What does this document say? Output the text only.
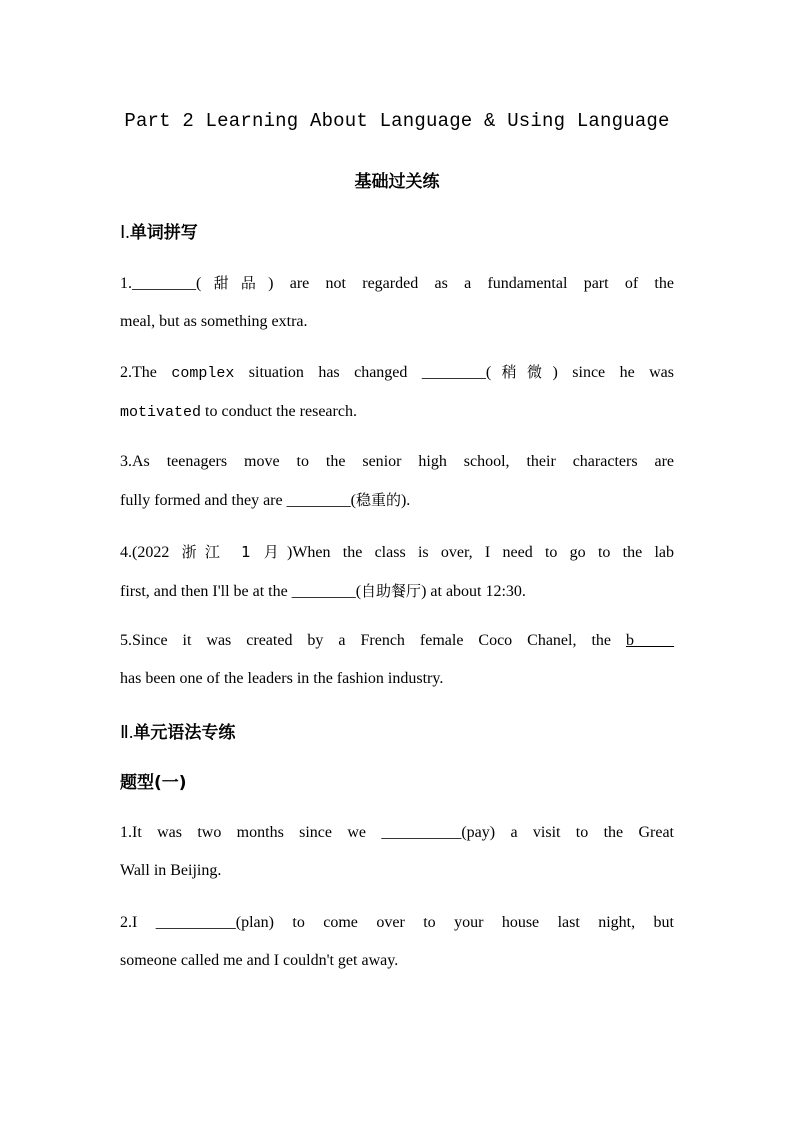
Part 2 Learning About Language & Using Language
基础过关练
Ⅰ.单词拼写
1.________(甜品) are not regarded as a fundamental part of the
meal, but as something extra.
2.The complex situation has changed ________(稍微) since he was
motivated to conduct the research.
3.As teenagers move to the senior high school, their characters are
fully formed and they are ________(稳重的).
4.(2022 浙江 1 月)When the class is over, I need to go to the lab
first, and then I'll be at the ________(自助餐厅) at about 12:30.
5.Since it was created by a French female Coco Chanel, the b_____
has been one of the leaders in the fashion industry.
Ⅱ.单元语法专练
题型(一)
1.It was two months since we __________(pay) a visit to the Great
Wall in Beijing.
2.I __________(plan) to come over to your house last night, but
someone called me and I couldn't get away.
